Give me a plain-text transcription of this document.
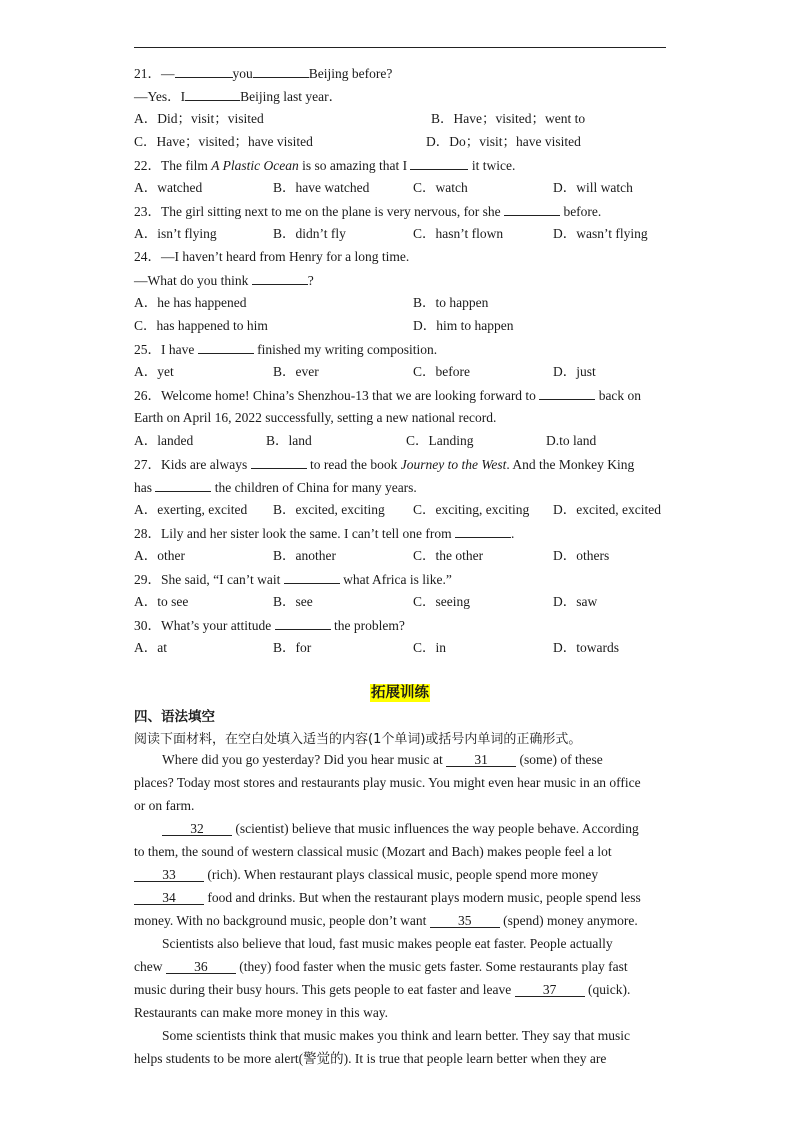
21．—	you	Beijing before?
—Yes．I	Beijing last year．
A．Did；visit；visited	B．Have；visited；went to
C．Have；visited；have visited	D．Do；visit；have visited
22．The film A Plastic Ocean is so amazing that I	it twice.
A．watched	B．have watched	C．watch	D．will watch
23．The girl sitting next to me on the plane is very nervous, for she	before.
A．isn’t flying	B．didn’t fly	C．hasn’t flown	D．wasn’t flying
24．—I haven’t heard from Henry for a long time.
—What do you think	?
A．he has happened	B．to happen
C．has happened to him	D．him to happen
25．I have	finished my writing composition.
A．yet	B．ever	C．before	D．just
26．Welcome home! China’s Shenzhou-13 that we are looking forward to	back on
Earth on April 16, 2022 successfully, setting a new national record.
A．landed	B．land	C．Landing	D.to land
27．Kids are always	to read the book Journey to the West. And the Monkey King
has	the children of China for many years.
A．exerting, excited B．excited, exciting C．exciting, exciting D．excited, excited
28．Lily and her sister look the same. I can’t tell one from	.
A．other	B．another	C．the other	D．others
29．She said, “I can’t wait	what Africa is like.”
A．to see	B．see	C．seeing	D．saw
30．What’s your attitude	the problem?
A．at	B．for	C．in	D．towards
拓展训练
四、语法填空
阅读下面材料，在空白处填入适当的内容(1个单词)或括号内单词的正确形式。
Where did you go yesterday? Did you hear music at 31 (some) of these
places? Today most stores and restaurants play music. You might even hear music in an office
or on farm.
32 (scientist) believe that music influences the way people behave. According
to them, the sound of western classical music (Mozart and Bach) makes people feel a lot
33 (rich). When restaurant plays classical music, people spend more money
34 food and drinks. But when the restaurant plays modern music, people spend less
money. With no background music, people don’t want 35 (spend) money anymore.
Scientists also believe that loud, fast music makes people eat faster. People actually
chew 36 (they) food faster when the music gets faster. Some restaurants play fast
music during their busy hours. This gets people to eat faster and leave 37 (quick).
Restaurants can make more money in this way.
Some scientists think that music makes you think and learn better. They say that music
helps students to be more alert(警觉的). It is true that people learn better when they are
